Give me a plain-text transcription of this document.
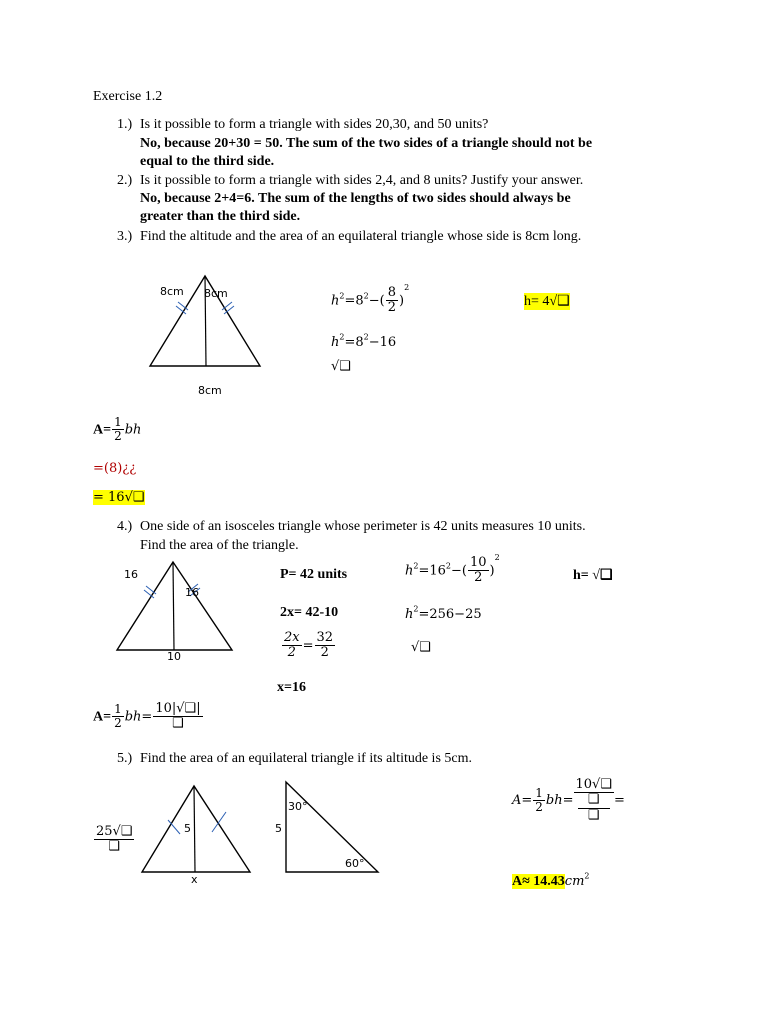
Exercise 1.2
1.) Is it possible to form a triangle with sides 20,30, and 50 units?
No, because 20+30 = 50. The sum of the two sides of a triangle should not be
equal to the third side.
2.) Is it possible to form a triangle with sides 2,4, and 8 units? Justify your answer.
No, because 2+4=6. The sum of the lengths of two sides should always be
greater than the third side.
3.) Find the altitude and the area of an equilateral triangle whose side is 8cm long.
8cm 8cm
8cm
$h^2=8^2-( \frac{8}{2} )^2$
$h^2=8^2-16$
√❑
h= 4√❑
$A= \frac{1}{2}$ bh
=(8)¿¿
= 16√❑
4.) One side of an isosceles triangle whose perimeter is 42 units measures 10 units.
Find the area of the triangle.
16
16
10
P= 42 units
2x= 42-10
$\frac{2x}{2} = \frac{32}{2}$
x=16
$h^2=16^2-( \frac{10}{2} )^2$
$h^2=256-25$
√❑
h= √❑
$A= \frac{1}{2} bh= \frac{10|√❑|}{❑}$
5.) Find the area of an equilateral triangle if its altitude is 5cm.
$\frac{25√❑}{❑}$	5
x
30°
60°
5
$A= \frac{1}{2} bh=$
10√❑
❑
❑
=
$A\approx 14.43cm^2$
